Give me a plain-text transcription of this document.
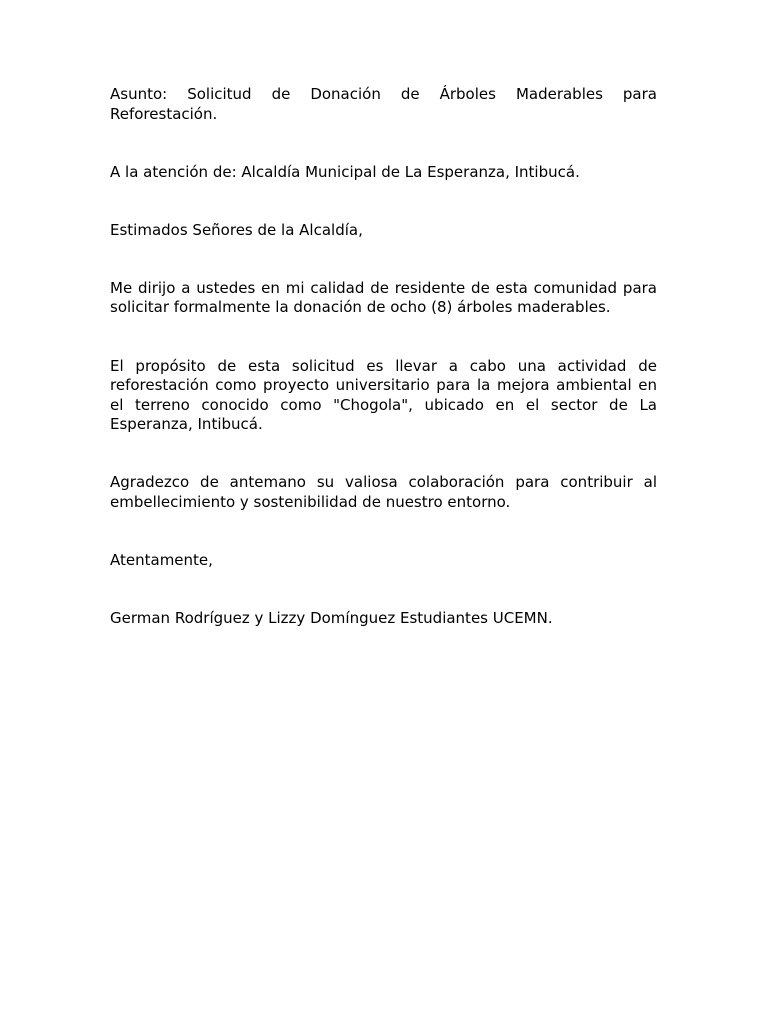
Asunto: Solicitud de Donación de Árboles Maderables para Reforestación.

A la atención de: Alcaldía Municipal de La Esperanza, Intibucá.

Estimados Señores de la Alcaldía,

Me dirijo a ustedes en mi calidad de residente de esta comunidad para solicitar formalmente la donación de ocho (8) árboles maderables.

El propósito de esta solicitud es llevar a cabo una actividad de reforestación como proyecto universitario para la mejora ambiental en el terreno conocido como "Chogola", ubicado en el sector de La Esperanza, Intibucá.

Agradezco de antemano su valiosa colaboración para contribuir al embellecimiento y sostenibilidad de nuestro entorno.

Atentamente,

German Rodríguez y Lizzy Domínguez Estudiantes UCEMN.
